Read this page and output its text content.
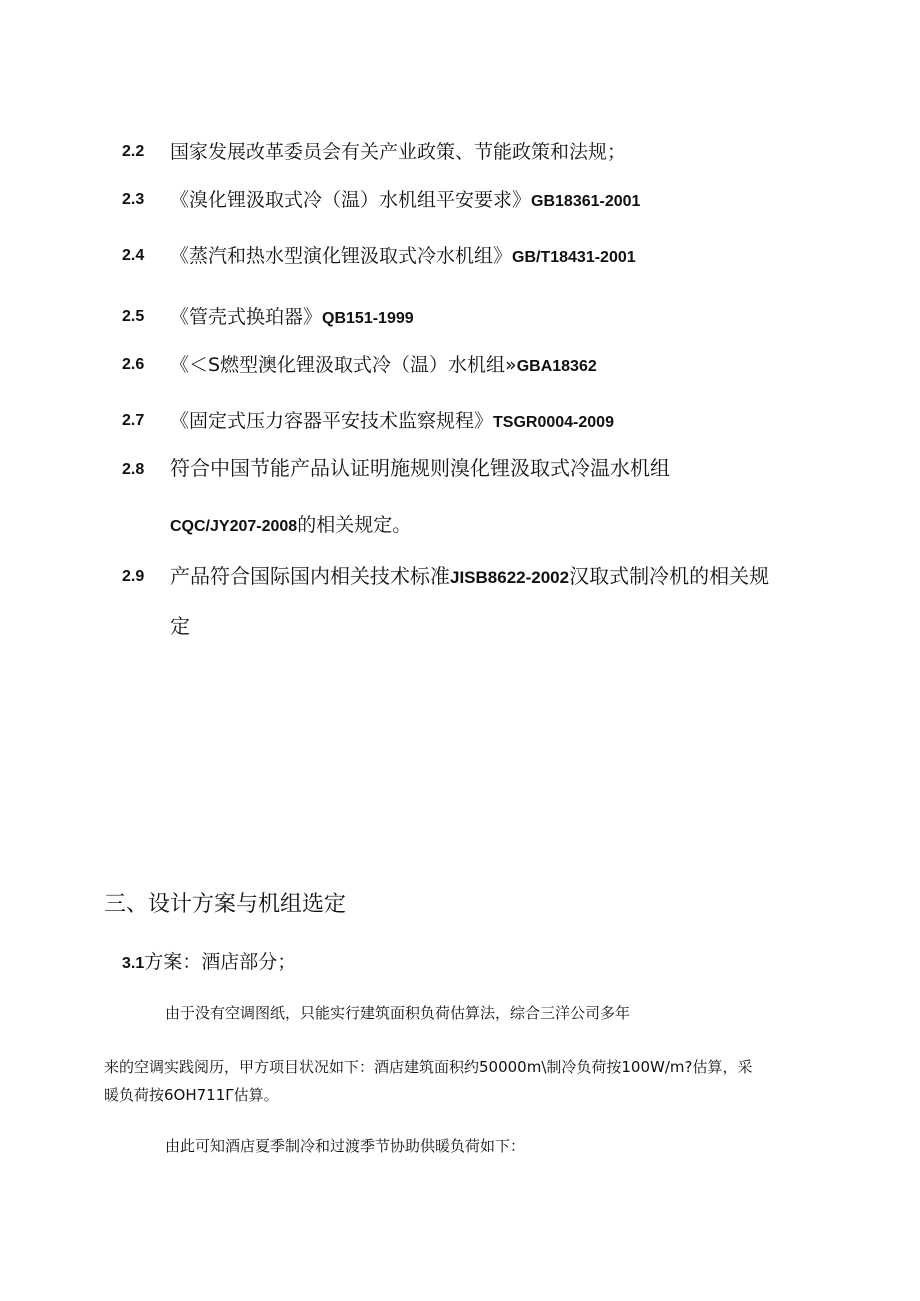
2.2 国家发展改革委员会有关产业政策、节能政策和法规；
2.3 《溴化锂汲取式冷（温）水机组平安要求》GB18361-2001
2.4 《蒸汽和热水型演化锂汲取式冷水机组》GB/T18431-2001
2.5 《管壳式换珀器》QB151-1999
2.6 《＜S燃型澳化锂汲取式冷（温）水机组»GBA18362
2.7 《固定式压力容器平安技术监察规程》TSGR0004-2009
2.8 符合中国节能产品认证明施规则溴化锂汲取式冷温水机组
CQC/JY207-2008的相关规定。
2.9 产品符合国际国内相关技术标准JISB8622-2002汉取式制冷机的相关规
定
三、设计方案与机组选定
3.1方案：酒店部分；
由于没有空调图纸，只能实行建筑面积负荷估算法，综合三洋公司多年
来的空调实践阅历，甲方项目状况如下：酒店建筑面积约50000m\制冷负荷按100W/m?估算，采
暖负荷按6OH711Γ估算。
由此可知酒店夏季制冷和过渡季节协助供暖负荷如下：
